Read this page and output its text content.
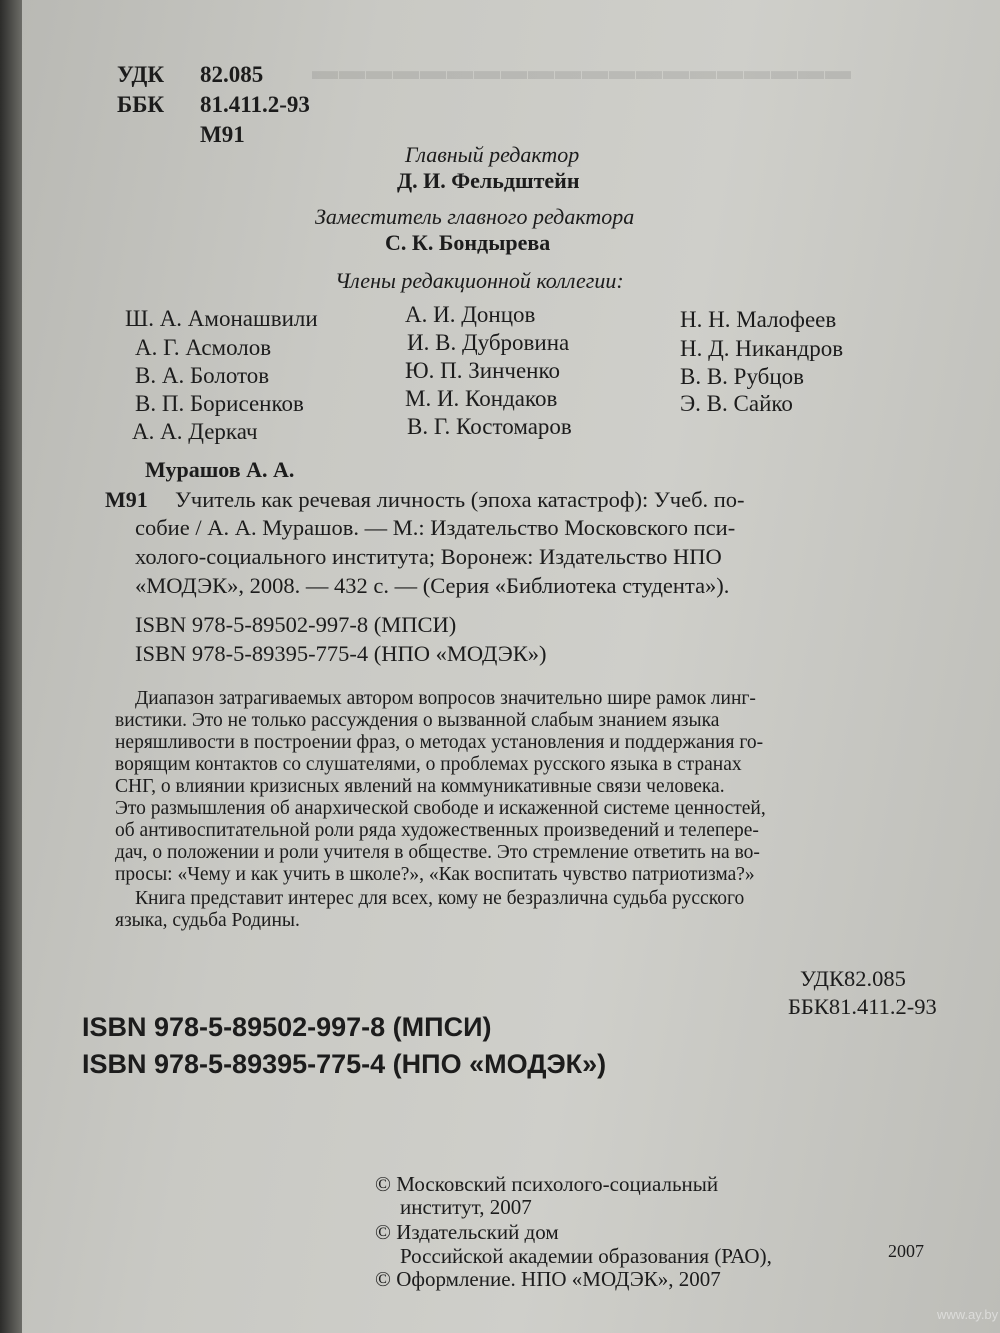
▬▬▬▬▬▬▬▬▬▬▬▬▬▬▬▬▬▬▬▬
УДК 82.085
ББК 81.411.2-93
М91
Главный редактор
Д. И. Фельдштейн
Заместитель главного редактора
С. К. Бондырева
Члены редакционной коллегии:
Ш. А. Амонашвили
А. Г. Асмолов
В. А. Болотов
В. П. Борисенков
А. А. Деркач
А. И. Донцов
И. В. Дубровина
Ю. П. Зинченко
М. И. Кондаков
В. Г. Костомаров
Н. Н. Малофеев
Н. Д. Никандров
В. В. Рубцов
Э. В. Сайко
Мурашов А. А.
М91 Учитель как речевая личность (эпоха катастроф): Учеб. по-
собие / А. А. Мурашов. — М.: Издательство Московского пси-
холого-социального института; Воронеж: Издательство НПО
«МОДЭК», 2008. — 432 с. — (Серия «Библиотека студента»).
ISBN 978-5-89502-997-8 (МПСИ)
ISBN 978-5-89395-775-4 (НПО «МОДЭК»)
Диапазон затрагиваемых автором вопросов значительно шире рамок линг-
вистики. Это не только рассуждения о вызванной слабым знанием языка
неряшливости в построении фраз, о методах установления и поддержания го-
ворящим контактов со слушателями, о проблемах русского языка в странах
СНГ, о влиянии кризисных явлений на коммуникативные связи человека.
Это размышления об анархической свободе и искаженной системе ценностей,
об антивоспитательной роли ряда художественных произведений и телепере-
дач, о положении и роли учителя в обществе. Это стремление ответить на во-
просы: «Чему и как учить в школе?», «Как воспитать чувство патриотизма?»
Книга представит интерес для всех, кому не безразлична судьба русского
языка, судьба Родины.
УДК82.085
ББК81.411.2-93
ISBN 978-5-89502-997-8 (МПСИ)
ISBN 978-5-89395-775-4 (НПО «МОДЭК»)
© Московский психолого-социальный
институт, 2007
© Издательский дом
Российской академии образования (РАО),	2007
© Оформление. НПО «МОДЭК», 2007
www.ay.by
